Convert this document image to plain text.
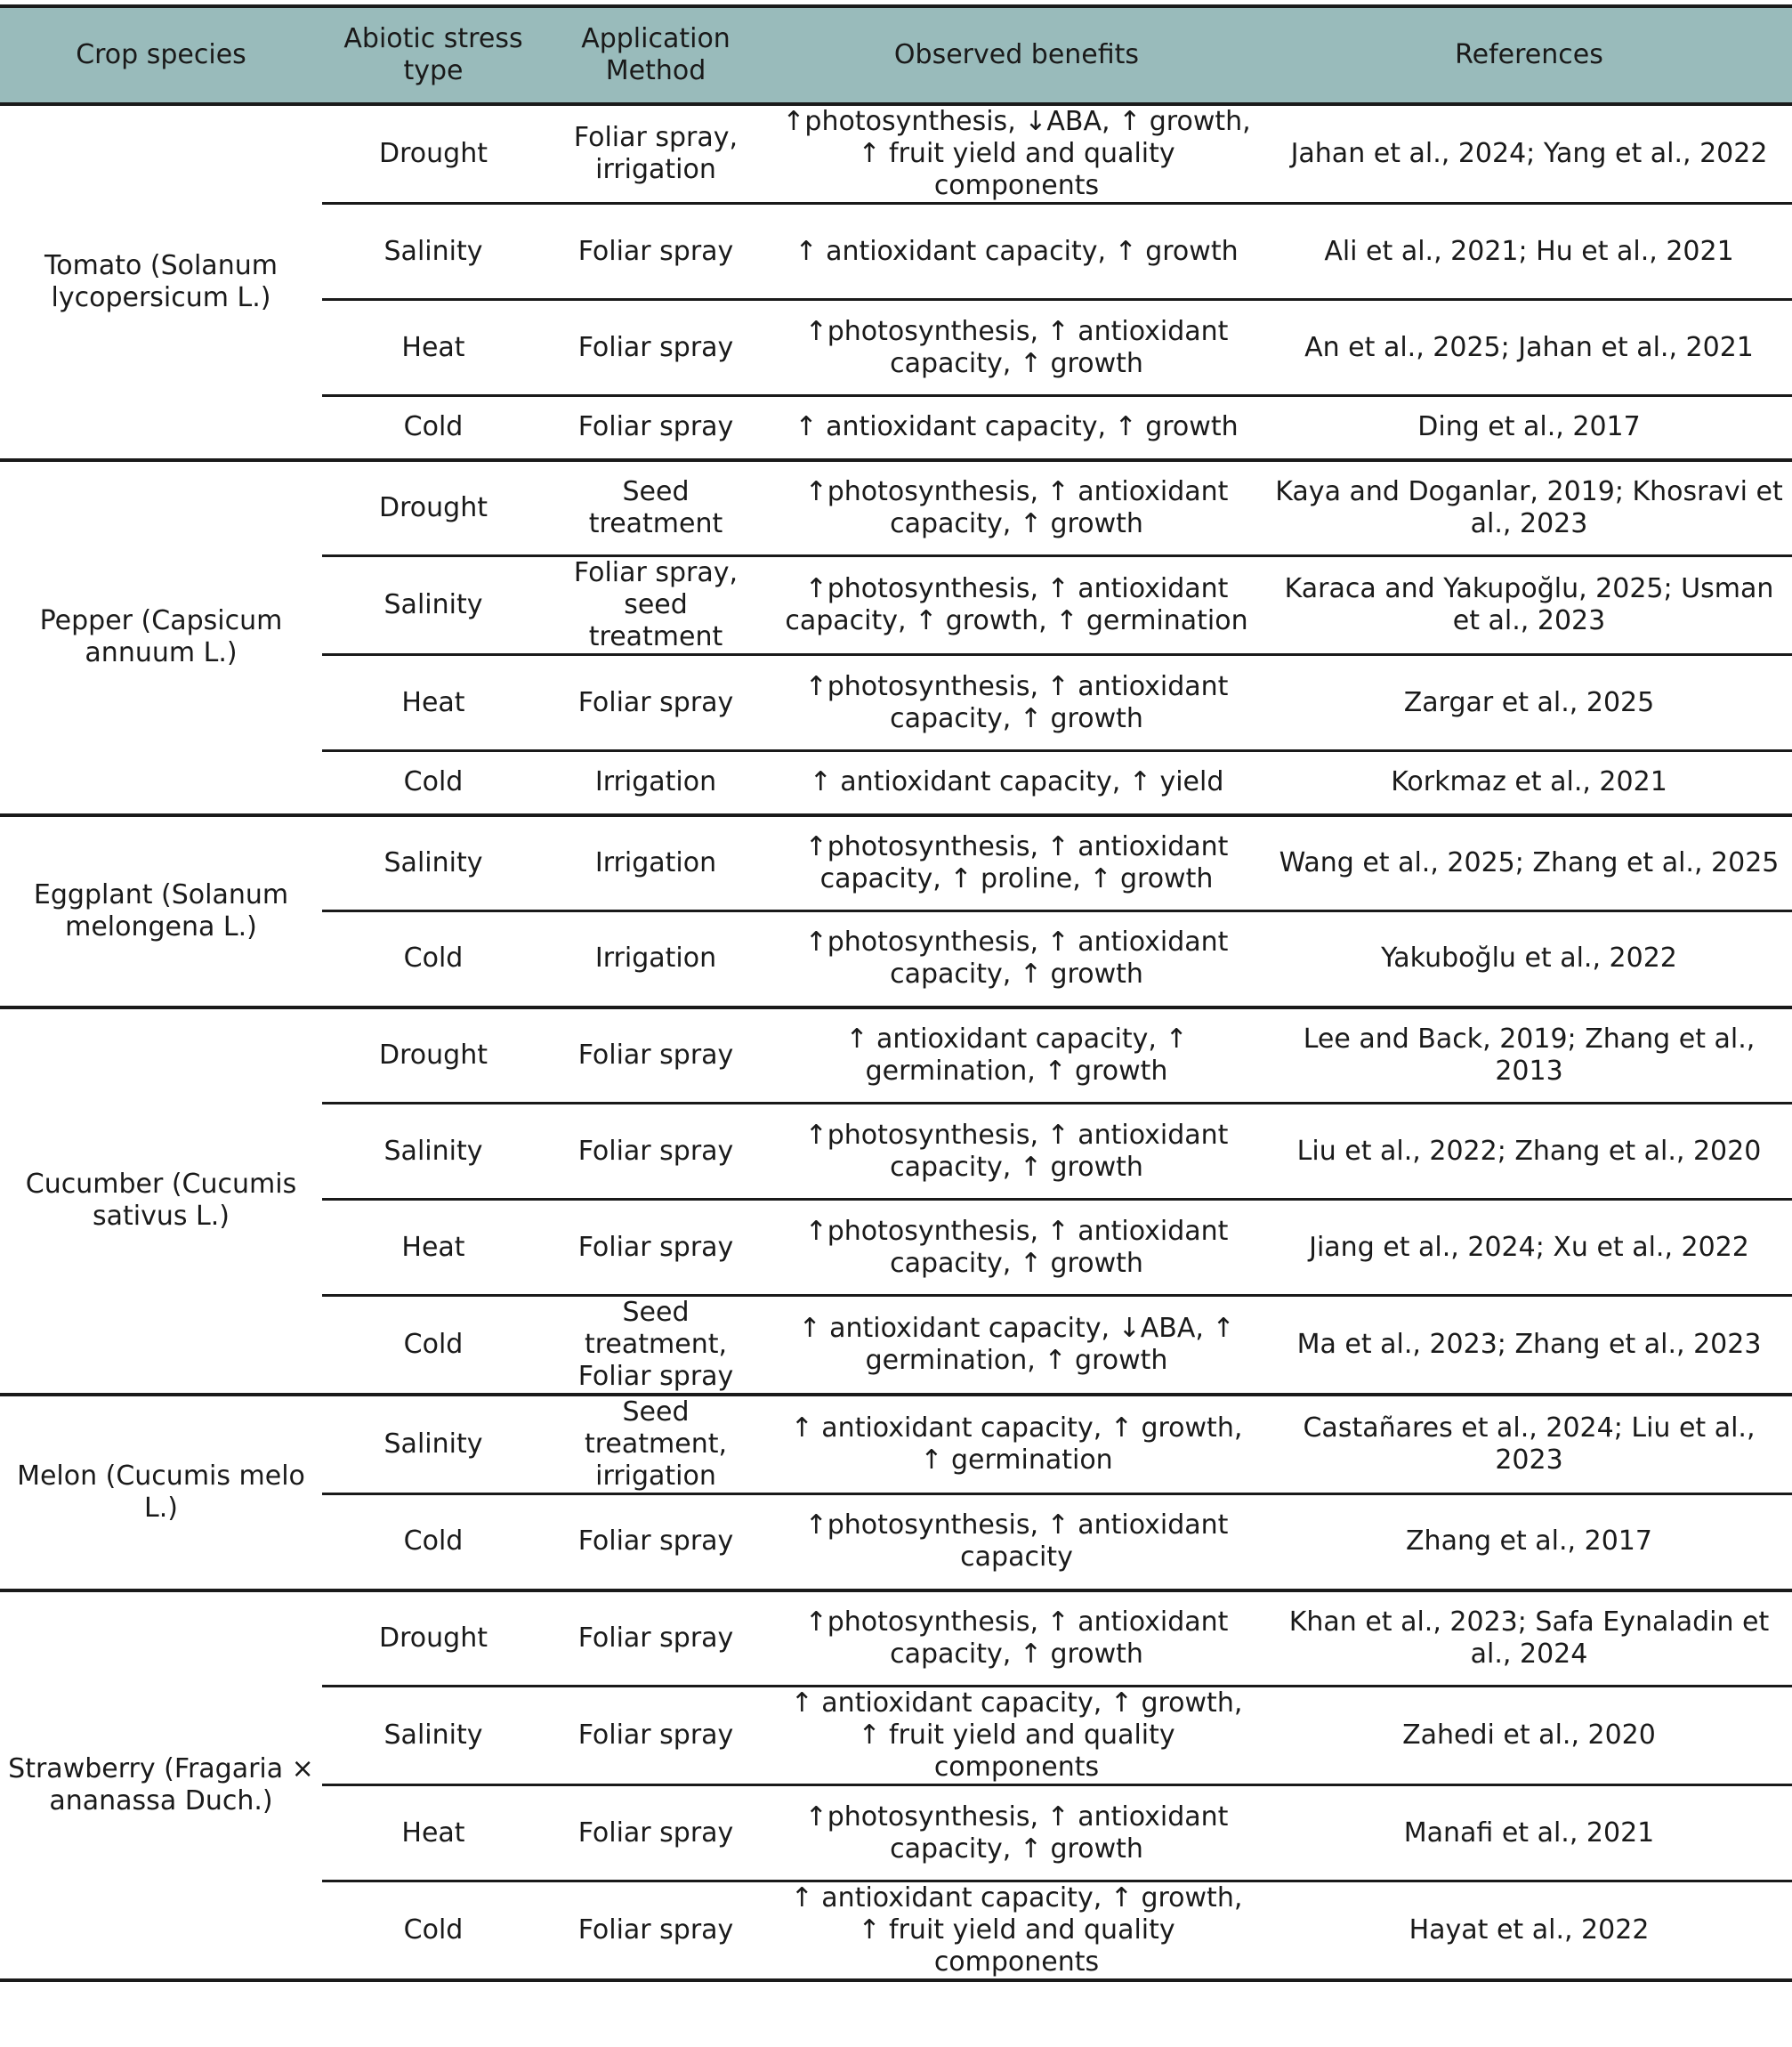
Crop species	Abiotic stress type	Application Method	Observed benefits	References
Tomato (Solanum lycopersicum L.)	Drought	Foliar spray, irrigation	↑photosynthesis, ↓ABA, ↑ growth, ↑ fruit yield and quality components	Jahan et al., 2024; Yang et al., 2022
	Salinity	Foliar spray	↑ antioxidant capacity, ↑ growth	Ali et al., 2021; Hu et al., 2021
	Heat	Foliar spray	↑photosynthesis, ↑ antioxidant capacity, ↑ growth	An et al., 2025; Jahan et al., 2021
	Cold	Foliar spray	↑ antioxidant capacity, ↑ growth	Ding et al., 2017
Pepper (Capsicum annuum L.)	Drought	Seed treatment	↑photosynthesis, ↑ antioxidant capacity, ↑ growth	Kaya and Doganlar, 2019; Khosravi et al., 2023
	Salinity	Foliar spray, seed treatment	↑photosynthesis, ↑ antioxidant capacity, ↑ growth, ↑ germination	Karaca and Yakupoğlu, 2025; Usman et al., 2023
	Heat	Foliar spray	↑photosynthesis, ↑ antioxidant capacity, ↑ growth	Zargar et al., 2025
	Cold	Irrigation	↑ antioxidant capacity, ↑ yield	Korkmaz et al., 2021
Eggplant (Solanum melongena L.)	Salinity	Irrigation	↑photosynthesis, ↑ antioxidant capacity, ↑ proline, ↑ growth	Wang et al., 2025; Zhang et al., 2025
	Cold	Irrigation	↑photosynthesis, ↑ antioxidant capacity, ↑ growth	Yakuboğlu et al., 2022
Cucumber (Cucumis sativus L.)	Drought	Foliar spray	↑ antioxidant capacity, ↑ germination, ↑ growth	Lee and Back, 2019; Zhang et al., 2013
	Salinity	Foliar spray	↑photosynthesis, ↑ antioxidant capacity, ↑ growth	Liu et al., 2022; Zhang et al., 2020
	Heat	Foliar spray	↑photosynthesis, ↑ antioxidant capacity, ↑ growth	Jiang et al., 2024; Xu et al., 2022
	Cold	Seed treatment, Foliar spray	↑ antioxidant capacity, ↓ABA, ↑ germination, ↑ growth	Ma et al., 2023; Zhang et al., 2023
Melon (Cucumis melo L.)	Salinity	Seed treatment, irrigation	↑ antioxidant capacity, ↑ growth, ↑ germination	Castañares et al., 2024; Liu et al., 2023
	Cold	Foliar spray	↑photosynthesis, ↑ antioxidant capacity	Zhang et al., 2017
Strawberry (Fragaria × ananassa Duch.)	Drought	Foliar spray	↑photosynthesis, ↑ antioxidant capacity, ↑ growth	Khan et al., 2023; Safa Eynaladin et al., 2024
	Salinity	Foliar spray	↑ antioxidant capacity, ↑ growth, ↑ fruit yield and quality components	Zahedi et al., 2020
	Heat	Foliar spray	↑photosynthesis, ↑ antioxidant capacity, ↑ growth	Manafi et al., 2021
	Cold	Foliar spray	↑ antioxidant capacity, ↑ growth, ↑ fruit yield and quality components	Hayat et al., 2022
